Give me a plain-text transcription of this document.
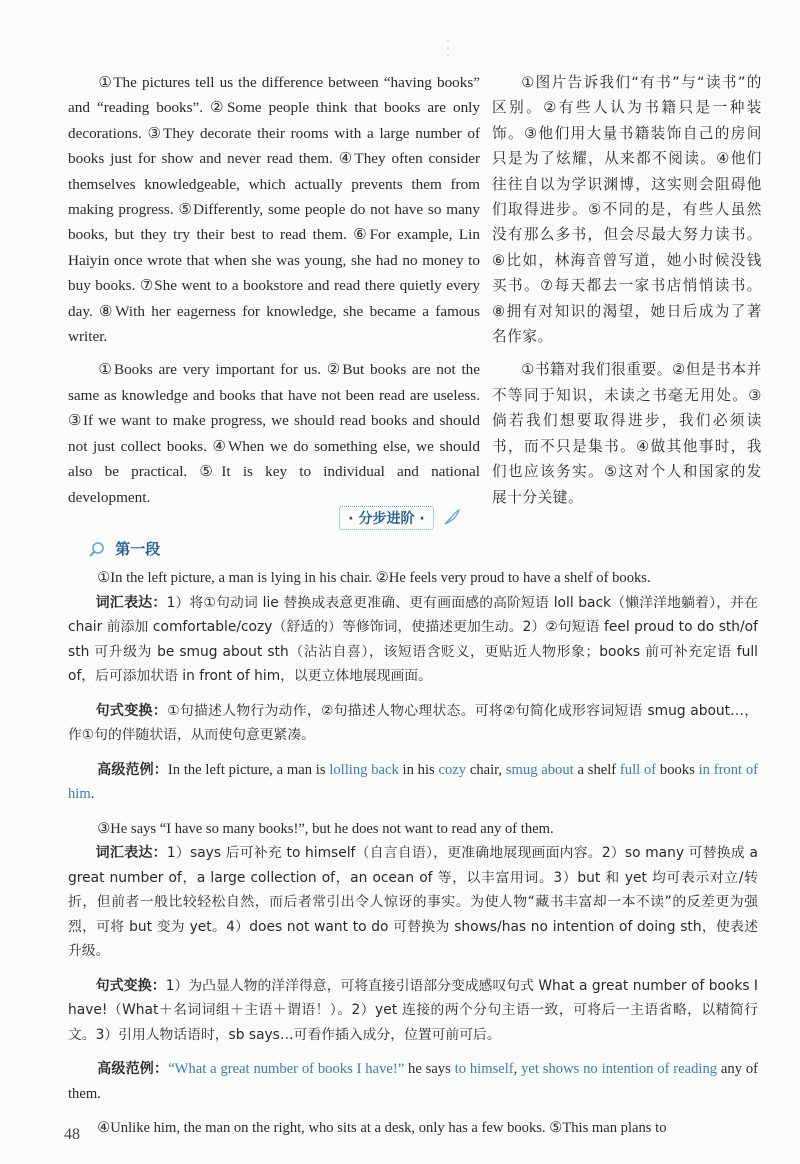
①The pictures tell us the difference between “having books” and “reading books”. ②Some people think that books are only decorations. ③They decorate their rooms with a large number of books just for show and never read them. ④They often consider themselves knowledgeable, which actually prevents them from making progress. ⑤Differently, some people do not have so many books, but they try their best to read them. ⑥For example, Lin Haiyin once wrote that when she was young, she had no money to buy books. ⑦She went to a bookstore and read there quietly every day. ⑧With her eagerness for knowledge, she became a famous writer.

①Books are very important for us. ②But books are not the same as knowledge and books that have not been read are useless. ③If we want to make progress, we should read books and should not just collect books. ④When we do something else, we should also be practical. ⑤It is key to individual and national development.

①图片告诉我们“有书”与“读书”的区别。②有些人认为书籍只是一种装饰。③他们用大量书籍装饰自己的房间只是为了炫耀，从来都不阅读。④他们往往自以为学识渊博，这实则会阻碍他们取得进步。⑤不同的是，有些人虽然没有那么多书，但会尽最大努力读书。⑥比如，林海音曾写道，她小时候没钱买书。⑦每天都去一家书店悄悄读书。⑧拥有对知识的渴望，她日后成为了著名作家。

①书籍对我们很重要。②但是书本并不等同于知识，未读之书毫无用处。③倘若我们想要取得进步，我们必须读书，而不只是集书。④做其他事时，我们也应该务实。⑤这对个人和国家的发展十分关键。

· 分步进阶 ·
第一段

①In the left picture, a man is lying in his chair. ②He feels very proud to have a shelf of books.

词汇表达：1）将①句动词 lie 替换成表意更准确、更有画面感的高阶短语 loll back（懒洋洋地躺着），并在 chair 前添加 comfortable/cozy（舒适的）等修饰词，使描述更加生动。2）②句短语 feel proud to do sth/of sth 可升级为 be smug about sth（沾沾自喜），该短语含贬义，更贴近人物形象；books 前可补充定语 full of，后可添加状语 in front of him，以更立体地展现画面。

句式变换：①句描述人物行为动作，②句描述人物心理状态。可将②句简化成形容词短语 smug about…，作①句的伴随状语，从而使句意更紧凑。

高级范例：In the left picture, a man is lolling back in his cozy chair, smug about a shelf full of books in front of him.

③He says “I have so many books!”, but he does not want to read any of them.

词汇表达：1）says 后可补充 to himself（自言自语），更准确地展现画面内容。2）so many 可替换成 a great number of，a large collection of，an ocean of 等，以丰富用词。3）but 和 yet 均可表示对立/转折，但前者一般比较轻松自然，而后者常引出令人惊讶的事实。为使人物“藏书丰富却一本不读”的反差更为强烈，可将 but 变为 yet。4）does not want to do 可替换为 shows/has no intention of doing sth，使表述升级。

句式变换：1）为凸显人物的洋洋得意，可将直接引语部分变成感叹句式 What a great number of books I have!（What＋名词词组＋主语＋谓语！）。2）yet 连接的两个分句主语一致，可将后一主语省略，以精简行文。3）引用人物话语时，sb says…可看作插入成分，位置可前可后。

高级范例：“What a great number of books I have!” he says to himself, yet shows no intention of reading any of them.

④Unlike him, the man on the right, who sits at a desk, only has a few books. ⑤This man plans to

48
